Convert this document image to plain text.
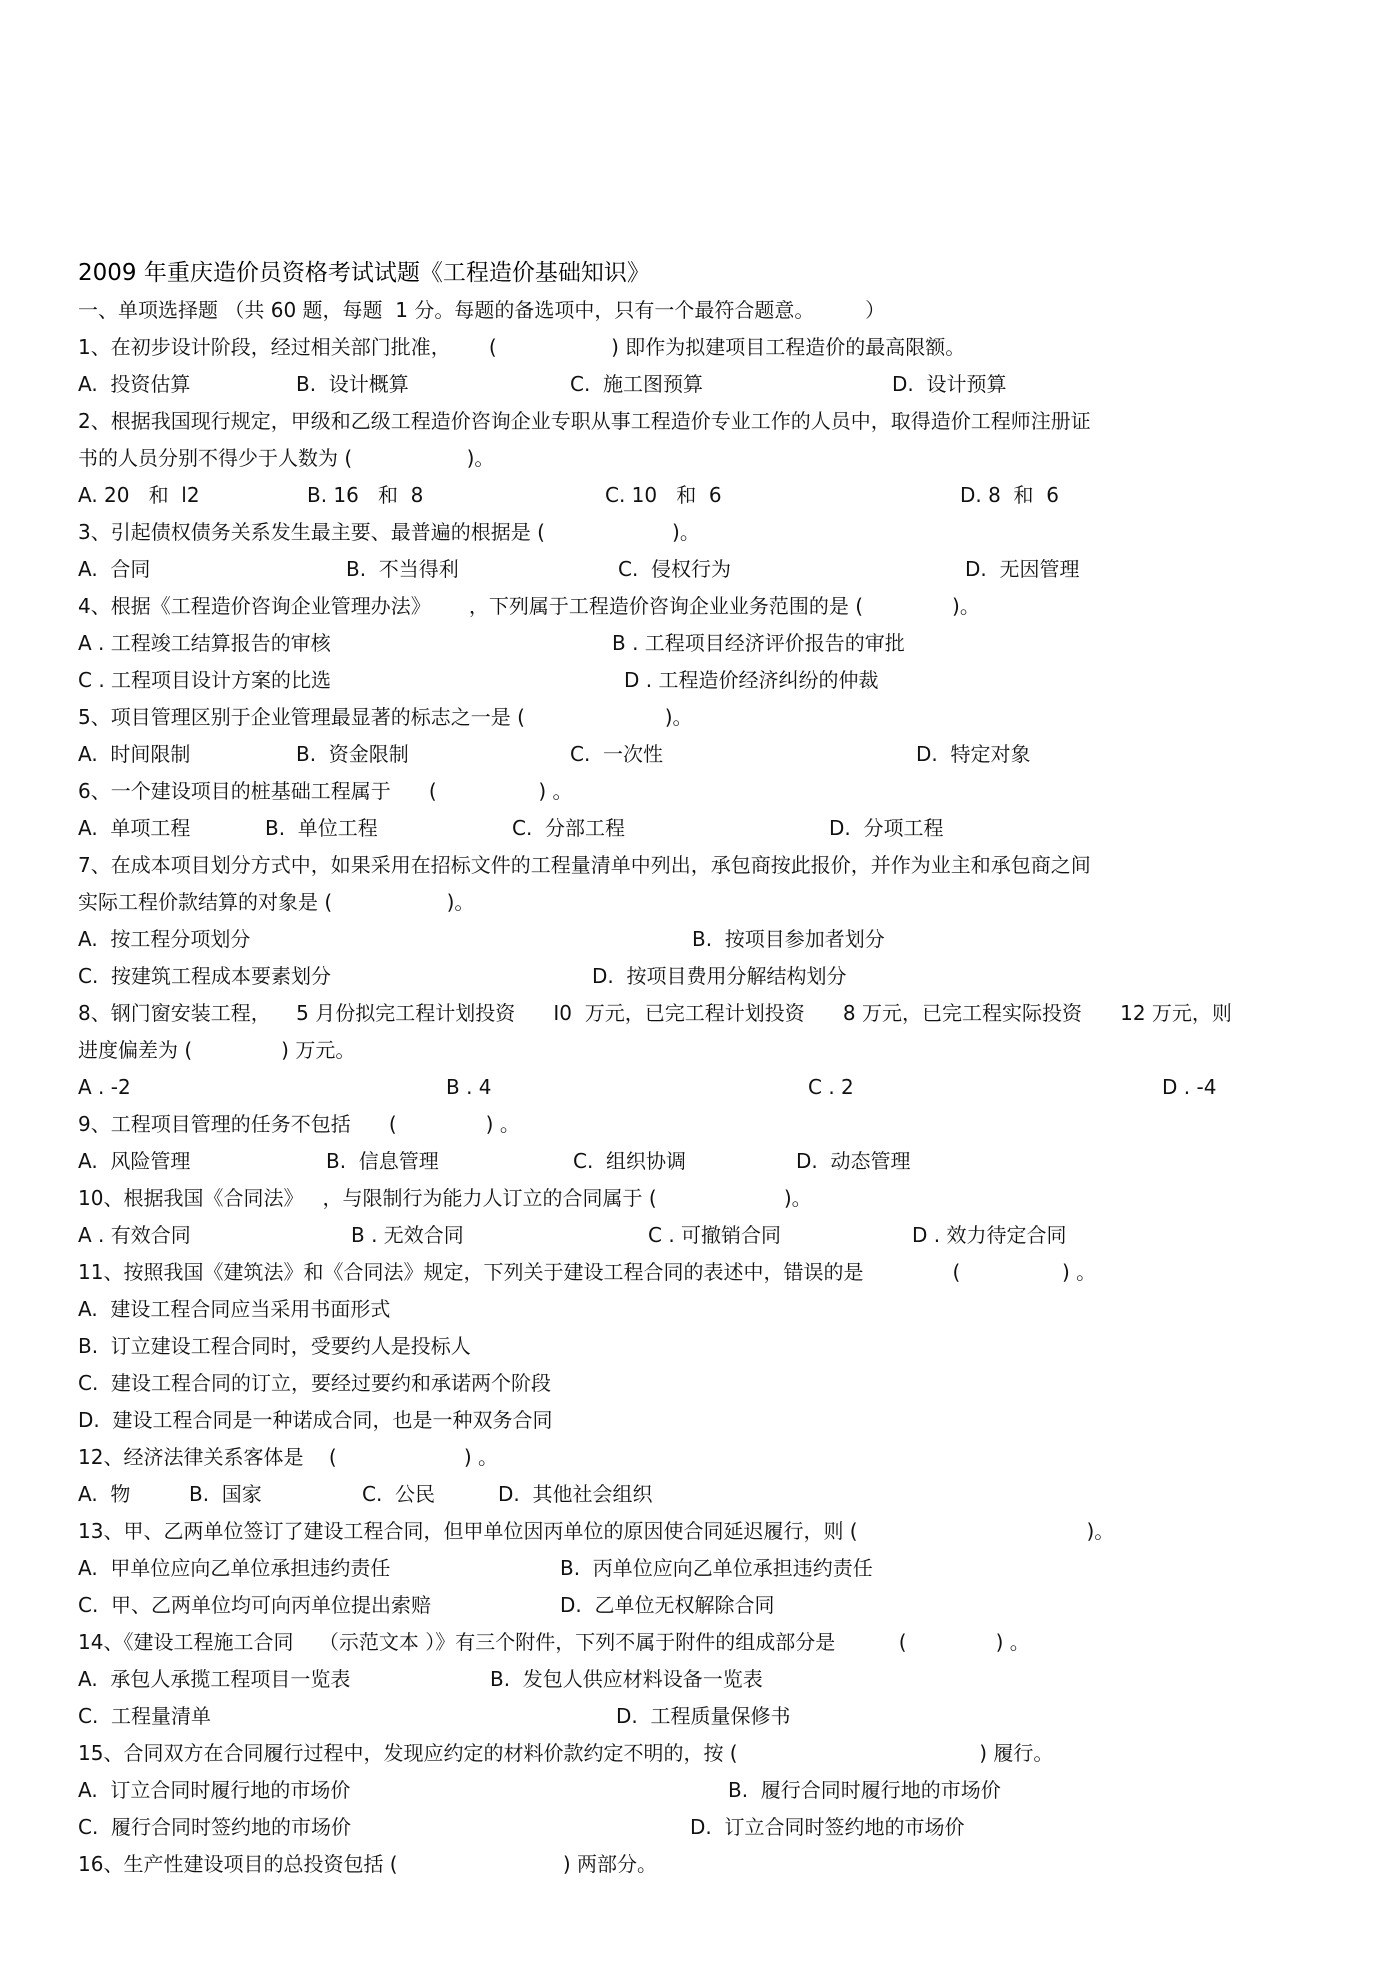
2009 年重庆造价员资格考试试题《工程造价基础知识》
一、单项选择题 （共 60 题，每题  1 分。每题的备选项中，只有一个最符合题意。        ）
1、在初步设计阶段，经过相关部门批准，      (                  ) 即作为拟建项目工程造价的最高限额。
A.  投资估算	B.  设计概算	C.  施工图预算	D.  设计预算
2、根据我国现行规定，甲级和乙级工程造价咨询企业专职从事工程造价专业工作的人员中，取得造价工程师注册证
书的人员分别不得少于人数为 (                  )。
A. 20   和  l2	B. 16   和  8	C. 10   和  6	D. 8  和  6
3、引起债权债务关系发生最主要、最普遍的根据是 (                    )。
A.  合同	B.  不当得利	C.  侵权行为	D.  无因管理
4、根据《工程造价咨询企业管理办法》      ，下列属于工程造价咨询企业业务范围的是 (              )。
A . 工程竣工结算报告的审核	B . 工程项目经济评价报告的审批
C . 工程项目设计方案的比选	D . 工程造价经济纠纷的仲裁
5、项目管理区别于企业管理最显著的标志之一是 (                      )。
A.  时间限制	B.  资金限制	C.  一次性	D.  特定对象
6、一个建设项目的桩基础工程属于      (                ) 。
A.  单项工程	B.  单位工程	C.  分部工程	D.  分项工程
7、在成本项目划分方式中，如果采用在招标文件的工程量清单中列出，承包商按此报价，并作为业主和承包商之间
实际工程价款结算的对象是 (                  )。
A.  按工程分项划分	B.  按项目参加者划分
C.  按建筑工程成本要素划分	D.  按项目费用分解结构划分
8、钢门窗安装工程，    5 月份拟完工程计划投资      I0  万元，已完工程计划投资      8 万元，已完工程实际投资      12 万元，则
进度偏差为 (              ) 万元。
A . -2	B . 4	C . 2	D . -4
9、工程项目管理的任务不包括      (              ) 。
A.  风险管理	B.  信息管理	C.  组织协调	D.  动态管理
10、根据我国《合同法》   ，与限制行为能力人订立的合同属于 (                    )。
A . 有效合同	B . 无效合同	C . 可撤销合同	D . 效力待定合同
11、按照我国《建筑法》和《合同法》规定，下列关于建设工程合同的表述中，错误的是              (                ) 。
A.  建设工程合同应当采用书面形式
B.  订立建设工程合同时，受要约人是投标人
C.  建设工程合同的订立，要经过要约和承诺两个阶段
D.  建设工程合同是一种诺成合同，也是一种双务合同
12、经济法律关系客体是    (                    ) 。
A.  物	B.  国家	C.  公民	D.  其他社会组织
13、甲、乙两单位签订了建设工程合同，但甲单位因丙单位的原因使合同延迟履行，则 (                                    )。
A.  甲单位应向乙单位承担违约责任	B.  丙单位应向乙单位承担违约责任
C.  甲、乙两单位均可向丙单位提出索赔	D.  乙单位无权解除合同
14、《建设工程施工合同    （示范文本 ）》有三个附件，下列不属于附件的组成部分是          (              ) 。
A.  承包人承揽工程项目一览表	B.  发包人供应材料设备一览表
C.  工程量清单	D.  工程质量保修书
15、合同双方在合同履行过程中，发现应约定的材料价款约定不明的，按 (                                      ) 履行。
A.  订立合同时履行地的市场价	B.  履行合同时履行地的市场价
C.  履行合同时签约地的市场价	D.  订立合同时签约地的市场价
16、生产性建设项目的总投资包括 (                          ) 两部分。
